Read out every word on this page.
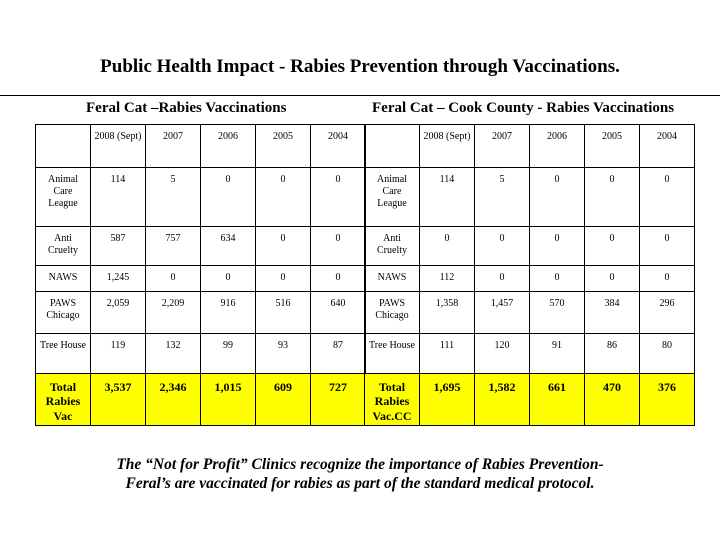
Public Health Impact - Rabies Prevention through Vaccinations.
Feral Cat –Rabies Vaccinations	Feral Cat – Cook County - Rabies Vaccinations
	2008 (Sept)	2007	2006	2005	2004
Animal Care League	114	5	0	0	0
Anti Cruelty	587	757	634	0	0
NAWS	1,245	0	0	0	0
PAWS Chicago	2,059	2,209	916	516	640
Tree House	119	132	99	93	87
Total Rabies Vac	3,537	2,346	1,015	609	727
	2008 (Sept)	2007	2006	2005	2004
Animal Care League	114	5	0	0	0
Anti Cruelty	0	0	0	0	0
NAWS	112	0	0	0	0
PAWS Chicago	1,358	1,457	570	384	296
Tree House	111	120	91	86	80
Total Rabies Vac.CC	1,695	1,582	661	470	376
The “Not for Profit” Clinics recognize the importance of Rabies Prevention-
Feral’s are vaccinated for rabies as part of the standard medical protocol.
